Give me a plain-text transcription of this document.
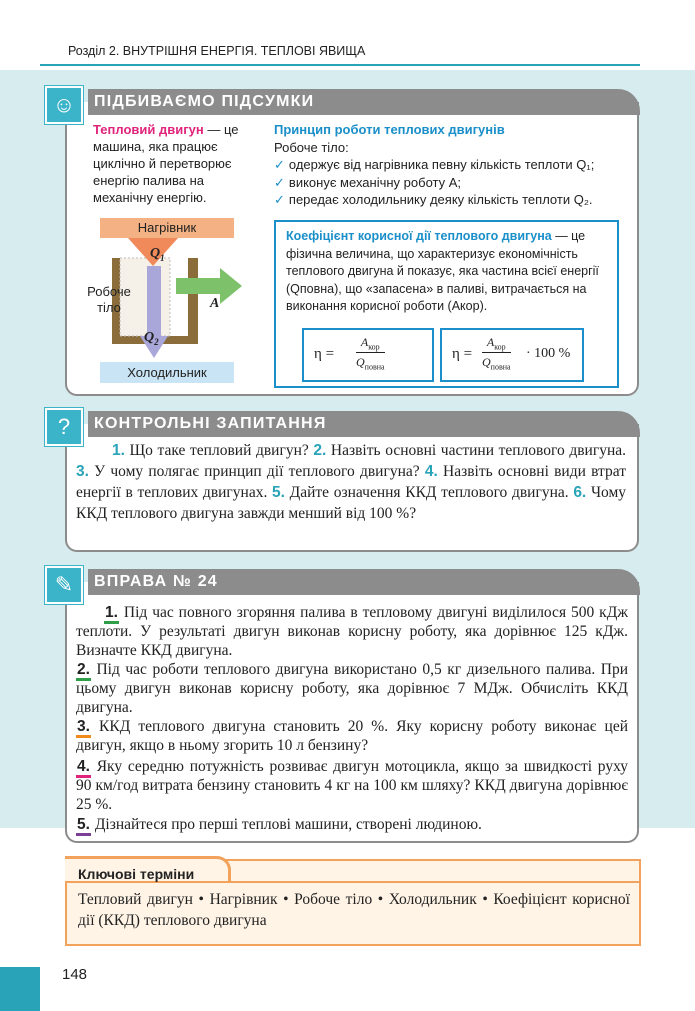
Розділ 2. ВНУТРІШНЯ ЕНЕРГІЯ. ТЕПЛОВІ ЯВИЩА
ПІДБИВАЄМО ПІДСУМКИ
☺
Тепловий двигун — це машина, яка працює циклічно й перетворює енергію палива на механічну енергію.
Принцип роботи теплових двигунів
Робоче тіло:
✓ одержує від нагрівника певну кількість теплоти Q₁;
✓ виконує механічну роботу A;
✓ передає холодильнику деяку кількість теплоти Q₂.
Нагрівник
Холодильник
Робоче тіло
$Q_1$
$Q_2$
A
Коефіцієнт корисної дії теплового двигуна — це фізична величина, що характеризує економічність теплового двигуна й показує, яка частина всієї енергії (Qповна), що «запасена» в паливі, витрачається на виконання корисної роботи (Aкор).
η =
$A_{кор}$
$Q_{повна}$
η =
$A_{кор}$
$Q_{повна}$
· 100 %
КОНТРОЛЬНІ ЗАПИТАННЯ
?
1. Що таке тепловий двигун? 2. Назвіть основні частини теплового двигуна. 3. У чому полягає принцип дії теплового двигуна? 4. Назвіть основні види втрат енергії в теплових двигунах. 5. Дайте означення ККД теплового двигуна. 6. Чому ККД теплового двигуна завжди менший від 100 %?
ВПРАВА № 24
✎
1. Під час повного згоряння палива в тепловому двигуні виділилося 500 кДж теплоти. У результаті двигун виконав корисну роботу, яка дорівнює 125 кДж. Визначте ККД двигуна.
2. Під час роботи теплового двигуна використано 0,5 кг дизельного палива. При цьому двигун виконав корисну роботу, яка дорівнює 7 МДж. Обчисліть ККД двигуна.
3. ККД теплового двигуна становить 20 %. Яку корисну роботу виконає цей двигун, якщо в ньому згорить 10 л бензину?
4. Яку середню потужність розвиває двигун мотоцикла, якщо за швидкості руху 90 км/год витрата бензину становить 4 кг на 100 км шляху? ККД двигуна дорівнює 25 %.
5. Дізнайтеся про перші теплові машини, створені людиною.
Ключові терміни
Тепловий двигун • Нагрівник • Робоче тіло • Холодильник • Коефіцієнт корисної дії (ККД) теплового двигуна
148
